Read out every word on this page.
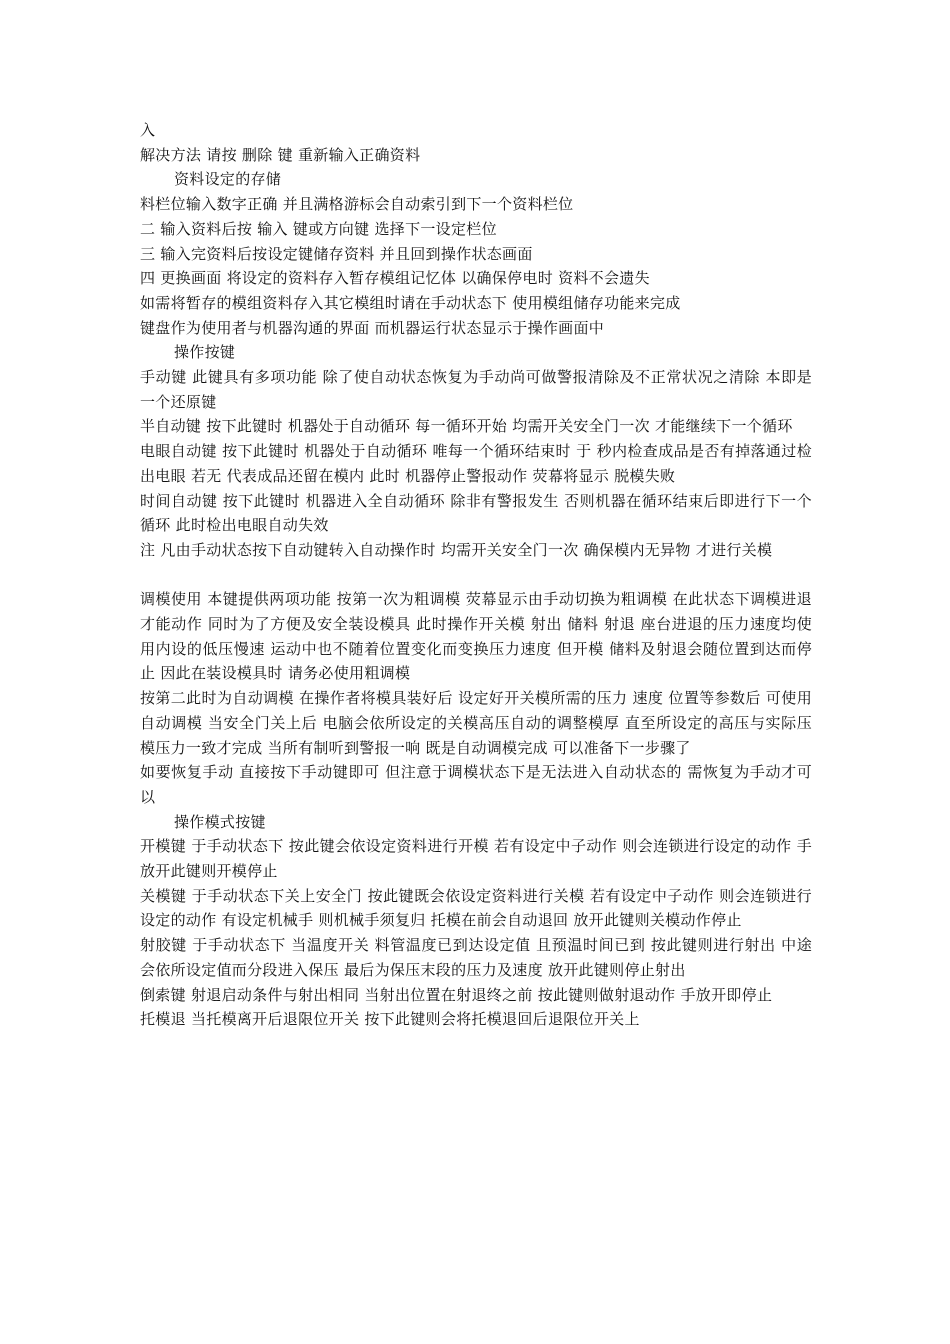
入

解决方法 请按 删除 键 重新输入正确资料

资料设定的存储

料栏位输入数字正确 并且满格游标会自动索引到下一个资料栏位

二 输入资料后按 输入 键或方向键 选择下一设定栏位

三 输入完资料后按设定键储存资料 并且回到操作状态画面

四 更换画面 将设定的资料存入暂存模组记忆体 以确保停电时 资料不会遗失

如需将暂存的模组资料存入其它模组时请在手动状态下 使用模组储存功能来完成

键盘作为使用者与机器沟通的界面 而机器运行状态显示于操作画面中

操作按键

手动键 此键具有多项功能 除了使自动状态恢复为手动尚可做警报清除及不正常状况之清除 本即是一个还原键

半自动键 按下此键时 机器处于自动循环 每一循环开始 均需开关安全门一次 才能继续下一个循环

电眼自动键 按下此键时 机器处于自动循环 唯每一个循环结束时 于 秒内检查成品是否有掉落通过检出电眼 若无 代表成品还留在模内 此时 机器停止警报动作 荧幕将显示 脱模失败

时间自动键 按下此键时 机器进入全自动循环 除非有警报发生 否则机器在循环结束后即进行下一个循环 此时检出电眼自动失效

注 凡由手动状态按下自动键转入自动操作时 均需开关安全门一次 确保模内无异物 才进行关模

调模使用 本键提供两项功能 按第一次为粗调模 荧幕显示由手动切换为粗调模 在此状态下调模进退才能动作 同时为了方便及安全装设模具 此时操作开关模 射出 储料 射退 座台进退的压力速度均使用内设的低压慢速 运动中也不随着位置变化而变换压力速度 但开模 储料及射退会随位置到达而停止 因此在装设模具时 请务必使用粗调模

按第二此时为自动调模 在操作者将模具装好后 设定好开关模所需的压力 速度 位置等参数后 可使用自动调模 当安全门关上后 电脑会依所设定的关模高压自动的调整模厚 直至所设定的高压与实际压模压力一致才完成 当所有制听到警报一响 既是自动调模完成 可以准备下一步骤了

如要恢复手动 直接按下手动键即可 但注意于调模状态下是无法进入自动状态的 需恢复为手动才可以

操作模式按键

开模键 于手动状态下 按此键会依设定资料进行开模 若有设定中子动作 则会连锁进行设定的动作 手放开此键则开模停止

关模键 于手动状态下关上安全门 按此键既会依设定资料进行关模 若有设定中子动作 则会连锁进行设定的动作 有设定机械手 则机械手须复归 托模在前会自动退回 放开此键则关模动作停止

射胶键 于手动状态下 当温度开关 料管温度已到达设定值 且预温时间已到 按此键则进行射出 中途会依所设定值而分段进入保压 最后为保压末段的压力及速度 放开此键则停止射出

倒索键 射退启动条件与射出相同 当射出位置在射退终之前 按此键则做射退动作 手放开即停止

托模退 当托模离开后退限位开关 按下此键则会将托模退回后退限位开关上
